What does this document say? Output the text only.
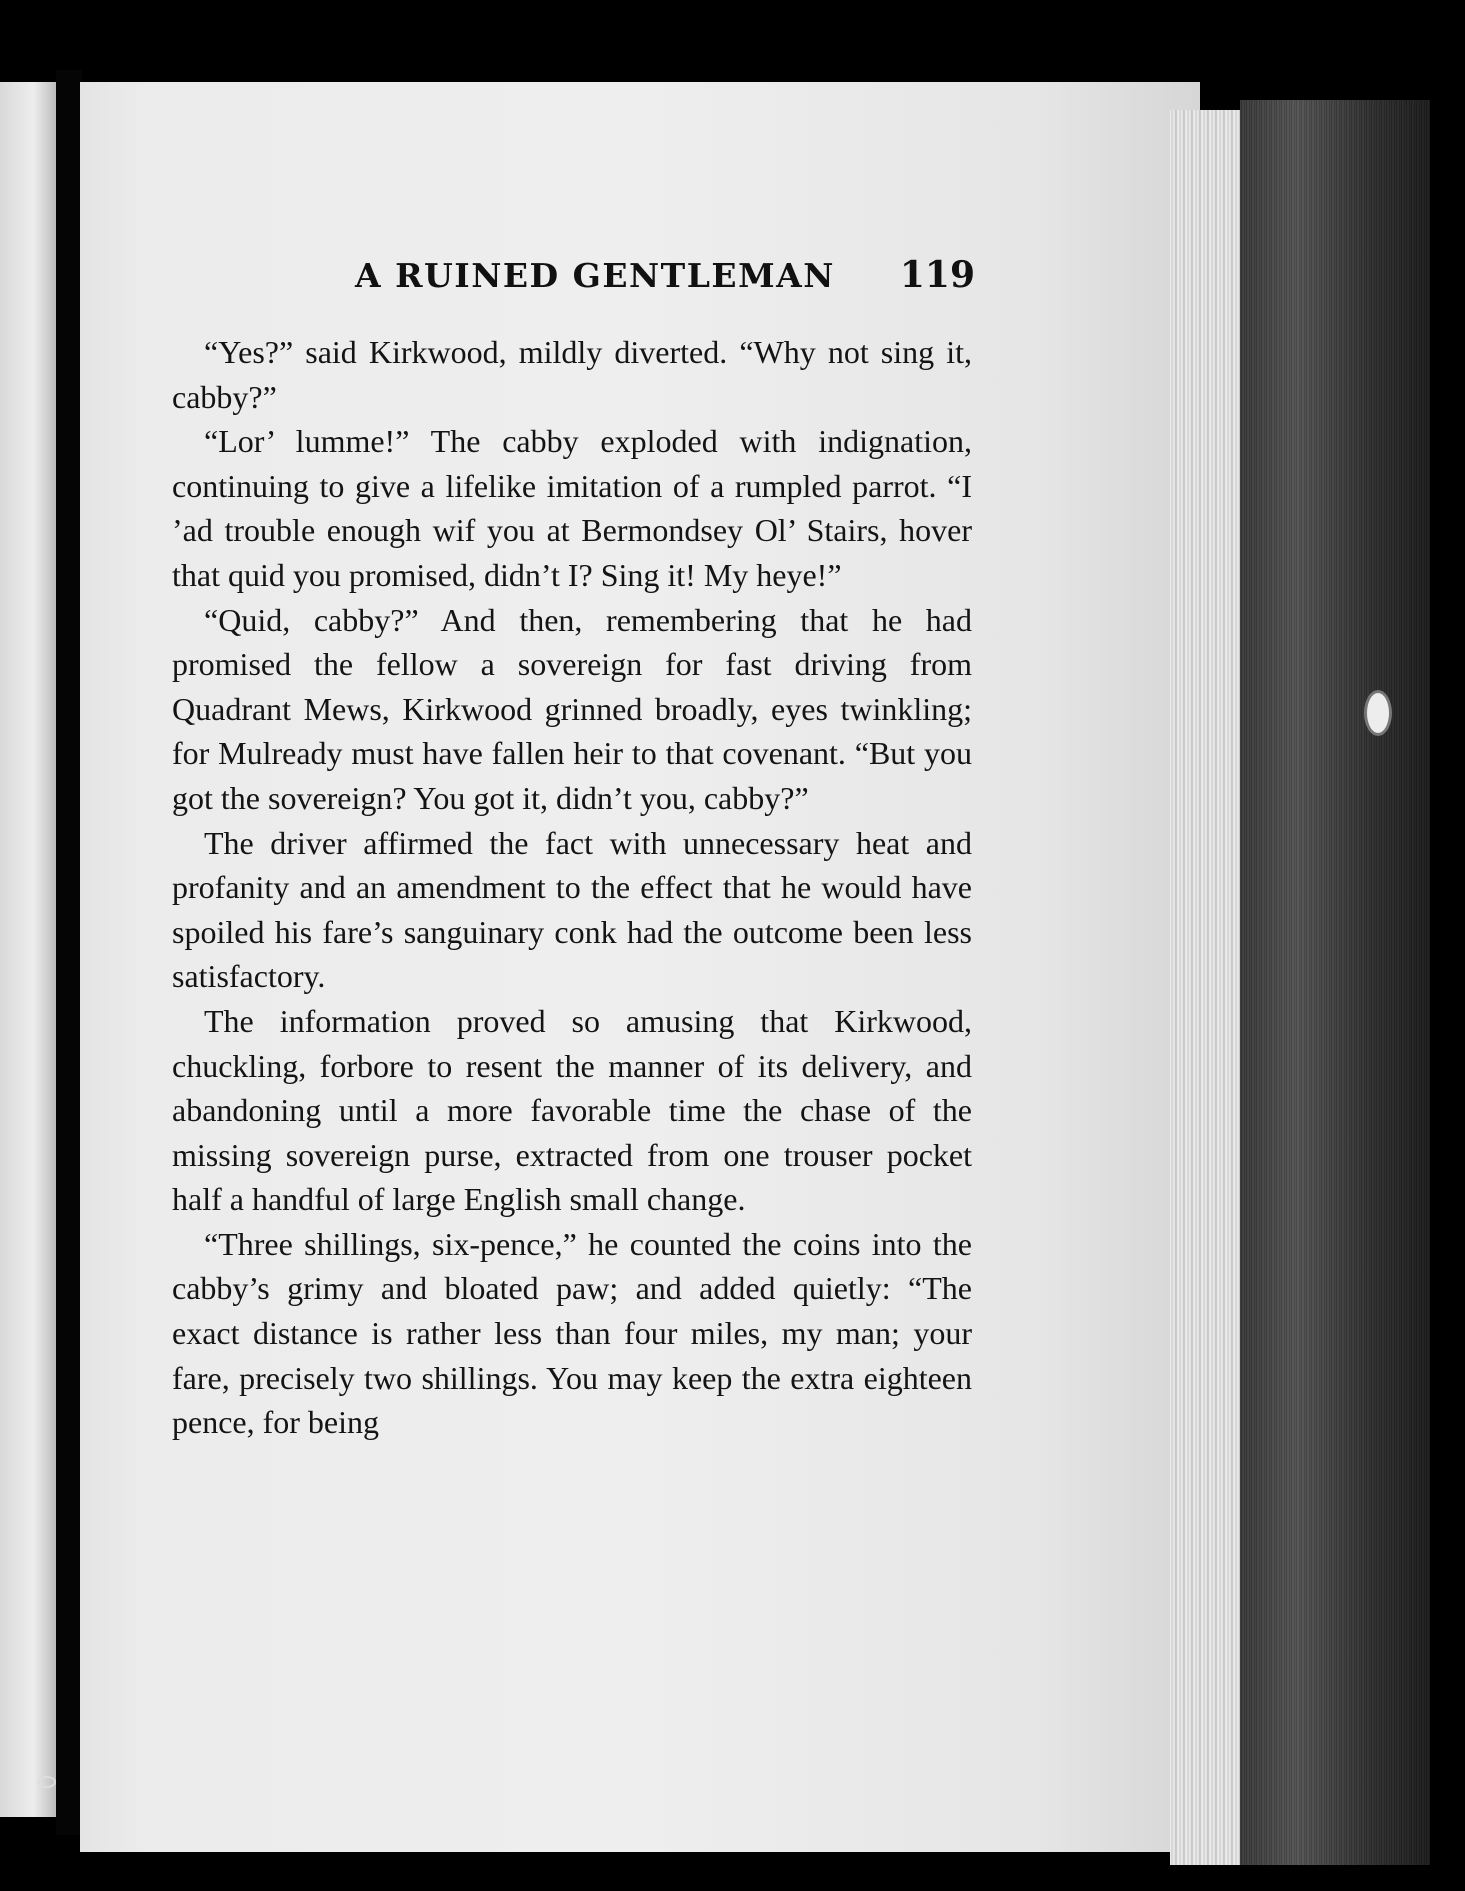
A RUINED GENTLEMAN 119

“Yes?” said Kirkwood, mildly diverted. “Why not sing it, cabby?”

“Lor’ lumme!” The cabby exploded with indignation, continuing to give a lifelike imitation of a rumpled parrot. “I ’ad trouble enough wif you at Bermondsey Ol’ Stairs, hover that quid you promised, didn’t I? Sing it! My heye!”

“Quid, cabby?” And then, remembering that he had promised the fellow a sovereign for fast driving from Quadrant Mews, Kirkwood grinned broadly, eyes twinkling; for Mulready must have fallen heir to that covenant. “But you got the sovereign? You got it, didn’t you, cabby?”

The driver affirmed the fact with unnecessary heat and profanity and an amendment to the effect that he would have spoiled his fare’s sanguinary conk had the outcome been less satisfactory.

The information proved so amusing that Kirkwood, chuckling, forbore to resent the manner of its delivery, and abandoning until a more favorable time the chase of the missing sovereign purse, extracted from one trouser pocket half a handful of large English small change.

“Three shillings, six-pence,” he counted the coins into the cabby’s grimy and bloated paw; and added quietly: “The exact distance is rather less than four miles, my man; your fare, precisely two shillings. You may keep the extra eighteen pence, for being
